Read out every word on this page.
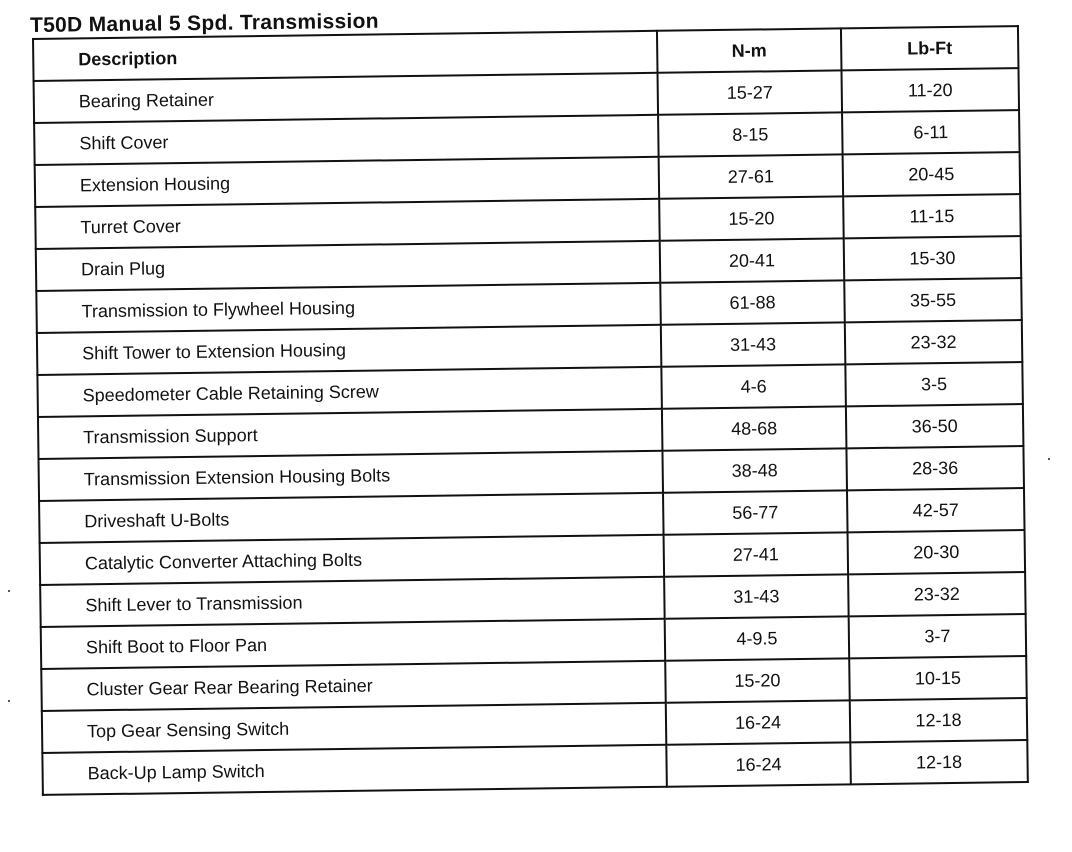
T50D Manual 5 Spd. Transmission
Description	N-m	Lb-Ft
Bearing Retainer	15-27	11-20
Shift Cover	8-15	6-11
Extension Housing	27-61	20-45
Turret Cover	15-20	11-15
Drain Plug	20-41	15-30
Transmission to Flywheel Housing	61-88	35-55
Shift Tower to Extension Housing	31-43	23-32
Speedometer Cable Retaining Screw	4-6	3-5
Transmission Support	48-68	36-50
Transmission Extension Housing Bolts	38-48	28-36
Driveshaft U-Bolts	56-77	42-57
Catalytic Converter Attaching Bolts	27-41	20-30
Shift Lever to Transmission	31-43	23-32
Shift Boot to Floor Pan	4-9.5	3-7
Cluster Gear Rear Bearing Retainer	15-20	10-15
Top Gear Sensing Switch	16-24	12-18
Back-Up Lamp Switch	16-24	12-18
